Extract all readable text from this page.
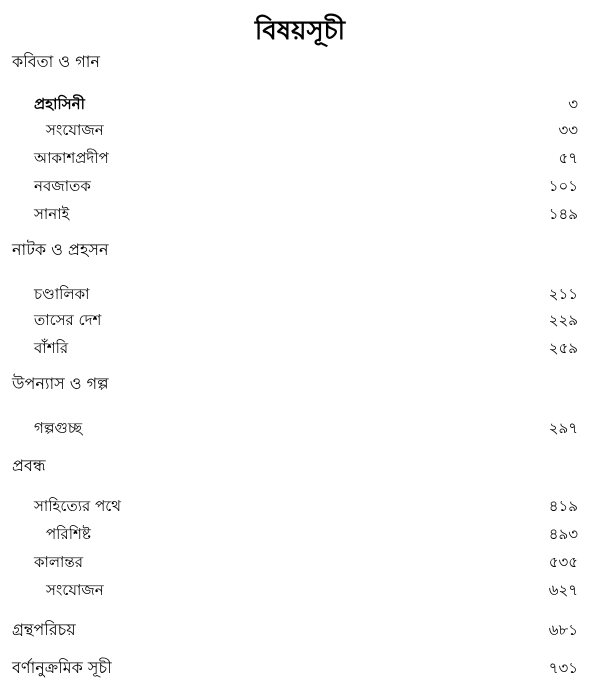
বিষয়সূচী
কবিতা ও গান
প্রহাসিনী	৩
সংযোজন	৩৩
আকাশপ্রদীপ	৫৭
নবজাতক	১০১
সানাই	১৪৯
নাটক ও প্রহসন
চণ্ডালিকা	২১১
তাসের দেশ	২২৯
বাঁশরি	২৫৯
উপন্যাস ও গল্প
গল্পগুচ্ছ	২৯৭
প্রবন্ধ
সাহিত্যের পথে	৪১৯
পরিশিষ্ট	৪৯৩
কালান্তর	৫৩৫
সংযোজন	৬২৭
গ্রন্থপরিচয়	৬৮১
বর্ণানুক্রমিক সূচী	৭৩১
